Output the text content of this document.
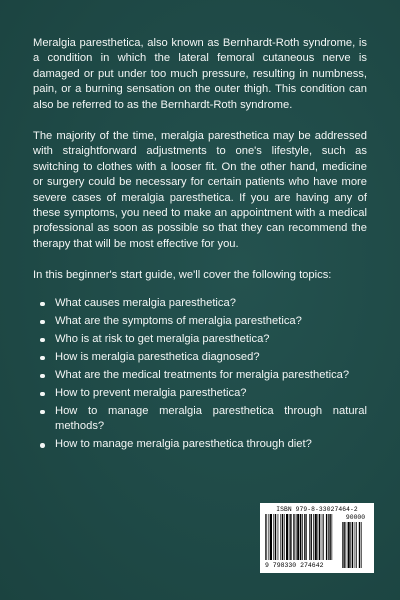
Meralgia paresthetica, also known as Bernhardt-Roth syndrome, is a condition in which the lateral femoral cutaneous nerve is damaged or put under too much pressure, resulting in numbness, pain, or a burning sensation on the outer thigh. This condition can also be referred to as the Bernhardt-Roth syndrome.

The majority of the time, meralgia paresthetica may be addressed with straightforward adjustments to one's lifestyle, such as switching to clothes with a looser fit. On the other hand, medicine or surgery could be necessary for certain patients who have more severe cases of meralgia paresthetica. If you are having any of these symptoms, you need to make an appointment with a medical professional as soon as possible so that they can recommend the therapy that will be most effective for you.

In this beginner's start guide, we'll cover the following topics:

What causes meralgia paresthetica?
What are the symptoms of meralgia paresthetica?
Who is at risk to get meralgia paresthetica?
How is meralgia paresthetica diagnosed?
What are the medical treatments for meralgia paresthetica?
How to prevent meralgia paresthetica?
How to manage meralgia paresthetica through natural methods?
How to manage meralgia paresthetica through diet?
ISBN 979-8-33027464-2
9 798330 274642
90000
